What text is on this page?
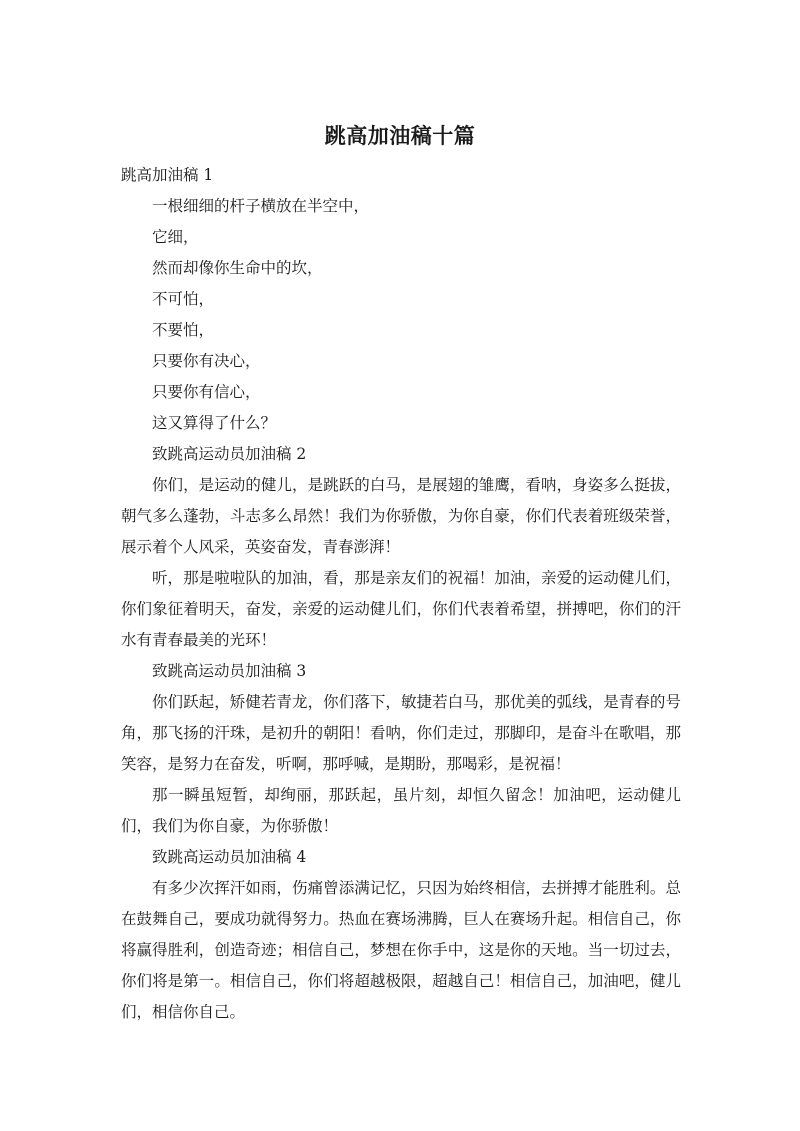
跳高加油稿十篇

跳高加油稿 1

一根细细的杆子横放在半空中，

它细，

然而却像你生命中的坎，

不可怕，

不要怕，

只要你有决心，

只要你有信心，

这又算得了什么？

致跳高运动员加油稿 2

你们，是运动的健儿，是跳跃的白马，是展翅的雏鹰，看呐，身姿多么挺拔，朝气多么蓬勃，斗志多么昂然！我们为你骄傲，为你自豪，你们代表着班级荣誉，展示着个人风采，英姿奋发，青春澎湃！

听，那是啦啦队的加油，看，那是亲友们的祝福！加油，亲爱的运动健儿们，你们象征着明天，奋发，亲爱的运动健儿们，你们代表着希望，拼搏吧，你们的汗水有青春最美的光环！

致跳高运动员加油稿 3

你们跃起，矫健若青龙，你们落下，敏捷若白马，那优美的弧线，是青春的号角，那飞扬的汗珠，是初升的朝阳！看呐，你们走过，那脚印，是奋斗在歌唱，那笑容，是努力在奋发，听啊，那呼喊，是期盼，那喝彩，是祝福！

那一瞬虽短暂，却绚丽，那跃起，虽片刻，却恒久留念！加油吧，运动健儿们，我们为你自豪，为你骄傲！

致跳高运动员加油稿 4

有多少次挥汗如雨，伤痛曾添满记忆，只因为始终相信，去拼搏才能胜利。总在鼓舞自己，要成功就得努力。热血在赛场沸腾，巨人在赛场升起。相信自己，你将赢得胜利，创造奇迹；相信自己，梦想在你手中，这是你的天地。当一切过去，你们将是第一。相信自己，你们将超越极限，超越自己！相信自己，加油吧，健儿们，相信你自己。
